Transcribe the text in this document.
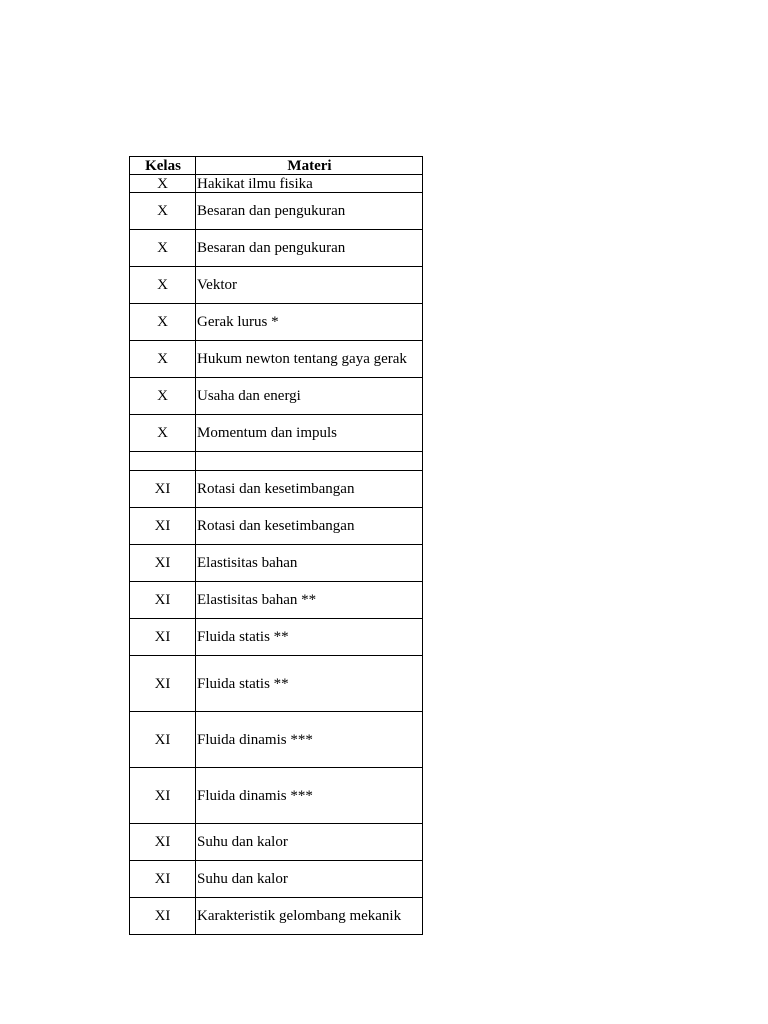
Kelas	Materi
X	Hakikat ilmu fisika
X	Besaran dan pengukuran
X	Besaran dan pengukuran
X	Vektor
X	Gerak lurus *
X	Hukum newton tentang gaya gerak
X	Usaha dan energi
X	Momentum dan impuls

XI	Rotasi dan kesetimbangan
XI	Rotasi dan kesetimbangan
XI	Elastisitas bahan
XI	Elastisitas bahan **
XI	Fluida statis **
XI	Fluida statis **
XI	Fluida dinamis ***
XI	Fluida dinamis ***
XI	Suhu dan kalor
XI	Suhu dan kalor
XI	Karakteristik gelombang mekanik
